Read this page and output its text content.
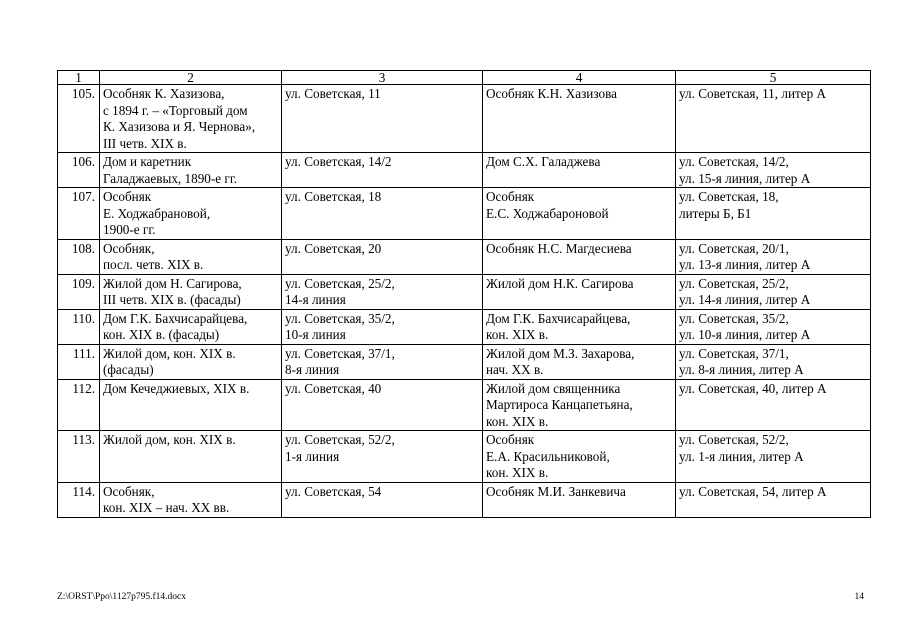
1	2	3	4	5
105.	Особняк К. Хазизова,
с 1894 г. – «Торговый дом
К. Хазизова и Я. Чернова»,
III четв. XIX в.	ул. Советская, 11	Особняк К.Н. Хазизова	ул. Советская, 11, литер А

106.	Дом и каретник
Галаджаевых, 1890-е гг.	ул. Советская, 14/2	Дом С.Х. Галаджева	ул. Советская, 14/2,
ул. 15-я линия, литер А

107.	Особняк
Е. Ходжабрановой,
1900-е гг.	ул. Советская, 18	Особняк
Е.С. Ходжабароновой	ул. Советская, 18,
литеры Б, Б1

108.	Особняк,
посл. четв. XIX в.	ул. Советская, 20	Особняк Н.С. Магдесиева	ул. Советская, 20/1,
ул. 13-я линия, литер А

109.	Жилой дом Н. Сагирова,
III четв. XIX в. (фасады)	ул. Советская, 25/2,
14-я линия	Жилой дом Н.К. Сагирова	ул. Советская, 25/2,
ул. 14-я линия, литер А

110.	Дом Г.К. Бахчисарайцева,
кон. XIX в. (фасады)	ул. Советская, 35/2,
10-я линия	Дом Г.К. Бахчисарайцева,
кон. XIX в.	ул. Советская, 35/2,
ул. 10-я линия, литер А

111.	Жилой дом, кон. XIX в.
(фасады)	ул. Советская, 37/1,
8-я линия	Жилой дом М.З. Захарова,
нач. XX в.	ул. Советская, 37/1,
ул. 8-я линия, литер А

112.	Дом Кечеджиевых, XIX в.	ул. Советская, 40	Жилой дом священника
Мартироса Канцапетьяна,
кон. XIX в.	ул. Советская, 40, литер А

113.	Жилой дом, кон. XIX в.	ул. Советская, 52/2,
1-я линия	Особняк
Е.А. Красильниковой,
кон. XIX в.	ул. Советская, 52/2,
ул. 1-я линия, литер А

114.	Особняк,
кон. XIX – нач. XX вв.	ул. Советская, 54	Особняк М.И. Занкевича	ул. Советская, 54, литер А
Z:\ORST\Ppo\1127p795.f14.docx	14
